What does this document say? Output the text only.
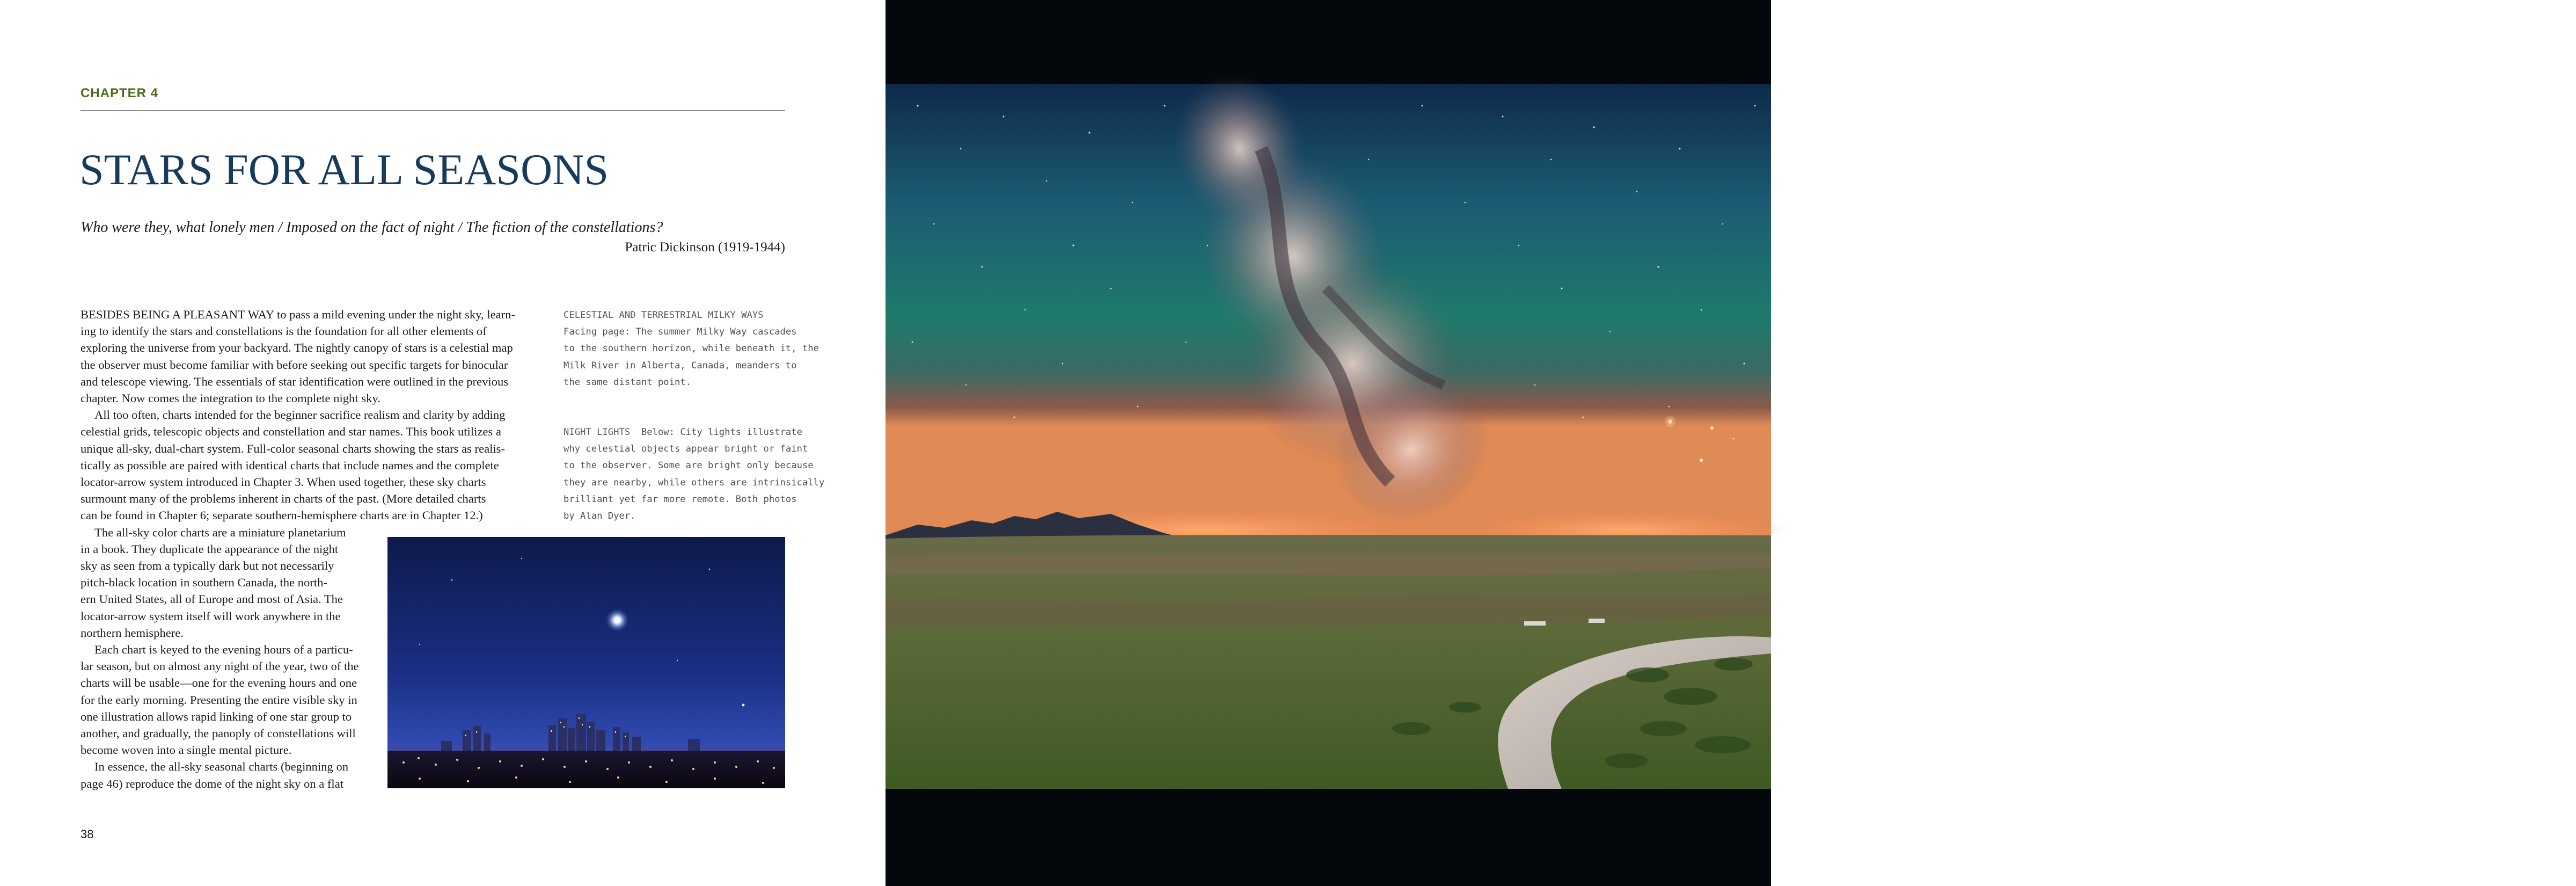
CHAPTER 4
STARS FOR ALL SEASONS
Who were they, what lonely men / Imposed on the fact of night / The fiction of the constellations?
Patric Dickinson (1919-1944)
BESIDES BEING A PLEASANT WAY to pass a mild evening under the night sky, learn-
ing to identify the stars and constellations is the foundation for all other elements of
exploring the universe from your backyard. The nightly canopy of stars is a celestial map
the observer must become familiar with before seeking out specific targets for binocular
and telescope viewing. The essentials of star identification were outlined in the previous
chapter. Now comes the integration to the complete night sky.
All too often, charts intended for the beginner sacrifice realism and clarity by adding
celestial grids, telescopic objects and constellation and star names. This book utilizes a
unique all-sky, dual-chart system. Full-color seasonal charts showing the stars as realis-
tically as possible are paired with identical charts that include names and the complete
locator-arrow system introduced in Chapter 3. When used together, these sky charts
surmount many of the problems inherent in charts of the past. (More detailed charts
can be found in Chapter 6; separate southern-hemisphere charts are in Chapter 12.)
The all-sky color charts are a miniature planetarium
in a book. They duplicate the appearance of the night
sky as seen from a typically dark but not necessarily
pitch-black location in southern Canada, the north-
ern United States, all of Europe and most of Asia. The
locator-arrow system itself will work anywhere in the
northern hemisphere.
Each chart is keyed to the evening hours of a particu-
lar season, but on almost any night of the year, two of the
charts will be usable—one for the evening hours and one
for the early morning. Presenting the entire visible sky in
one illustration allows rapid linking of one star group to
another, and gradually, the panoply of constellations will
become woven into a single mental picture.
In essence, the all-sky seasonal charts (beginning on
page 46) reproduce the dome of the night sky on a flat
CELESTIAL AND TERRESTRIAL MILKY WAYS
Facing page: The summer Milky Way cascades
to the southern horizon, while beneath it, the
Milk River in Alberta, Canada, meanders to
the same distant point.
NIGHT LIGHTS  Below: City lights illustrate
why celestial objects appear bright or faint
to the observer. Some are bright only because
they are nearby, while others are intrinsically
brilliant yet far more remote. Both photos
by Alan Dyer.
38	39
